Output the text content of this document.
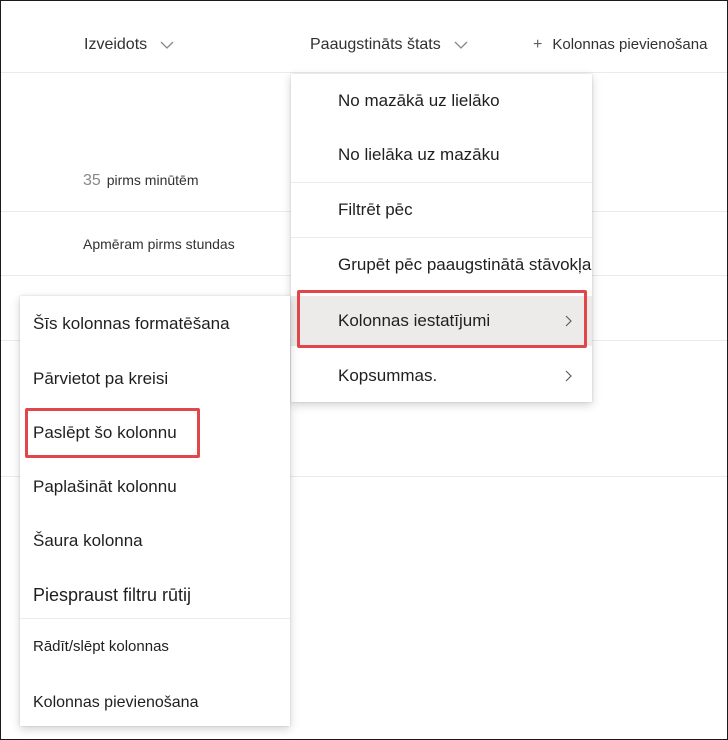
Izveidots	Paaugstināts štats	+ Kolonnas pievienošana
35 pirms minūtēm
Apmēram pirms stundas
No mazākā uz lielāko
No lielāka uz mazāku
Filtrēt pēc
Grupēt pēc paaugstinātā stāvokļa
Kolonnas iestatījumi
Kopsummas.
Šīs kolonnas formatēšana
Pārvietot pa kreisi
Paslēpt šo kolonnu
Paplašināt kolonnu
Šaura kolonna
Piespraust filtru rūtij
Rādīt/slēpt kolonnas
Kolonnas pievienošana
